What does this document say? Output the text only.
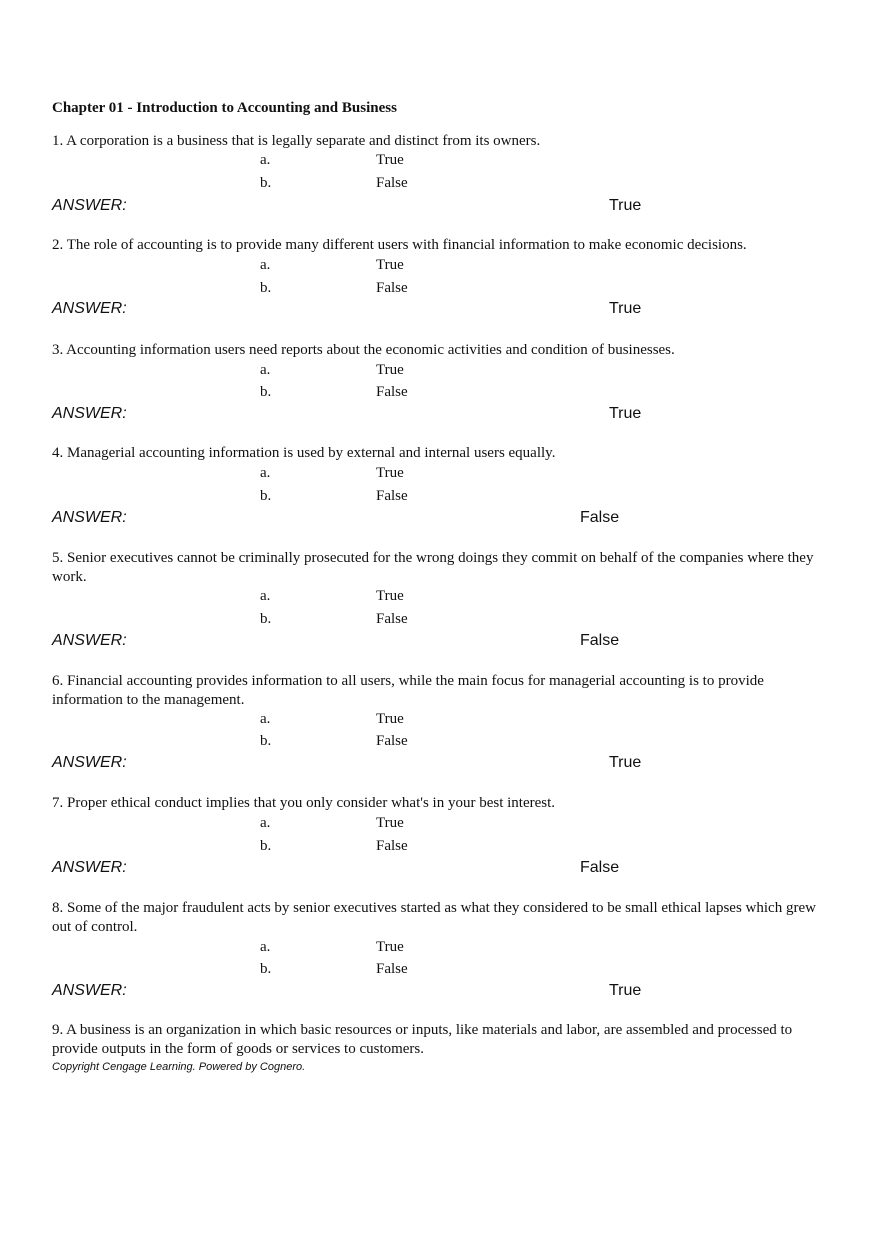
Chapter 01 - Introduction to Accounting and Business
1. A corporation is a business that is legally separate and distinct from its owners.
a.	True
b.	False
ANSWER:	True
2. The role of accounting is to provide many different users with financial information to make economic decisions.
a.	True
b.	False
ANSWER:	True
3. Accounting information users need reports about the economic activities and condition of businesses.
a.	True
b.	False
ANSWER:	True
4. Managerial accounting information is used by external and internal users equally.
a.	True
b.	False
ANSWER:	False
5. Senior executives cannot be criminally prosecuted for the wrong doings they commit on behalf of the companies where they work.
a.	True
b.	False
ANSWER:	False
6. Financial accounting provides information to all users, while the main focus for managerial accounting is to provide information to the management.
a.	True
b.	False
ANSWER:	True
7. Proper ethical conduct implies that you only consider what's in your best interest.
a.	True
b.	False
ANSWER:	False
8. Some of the major fraudulent acts by senior executives started as what they considered to be small ethical lapses which grew out of control.
a.	True
b.	False
ANSWER:	True
9. A business is an organization in which basic resources or inputs, like materials and labor, are assembled and processed to provide outputs in the form of goods or services to customers.
Copyright Cengage Learning. Powered by Cognero.
